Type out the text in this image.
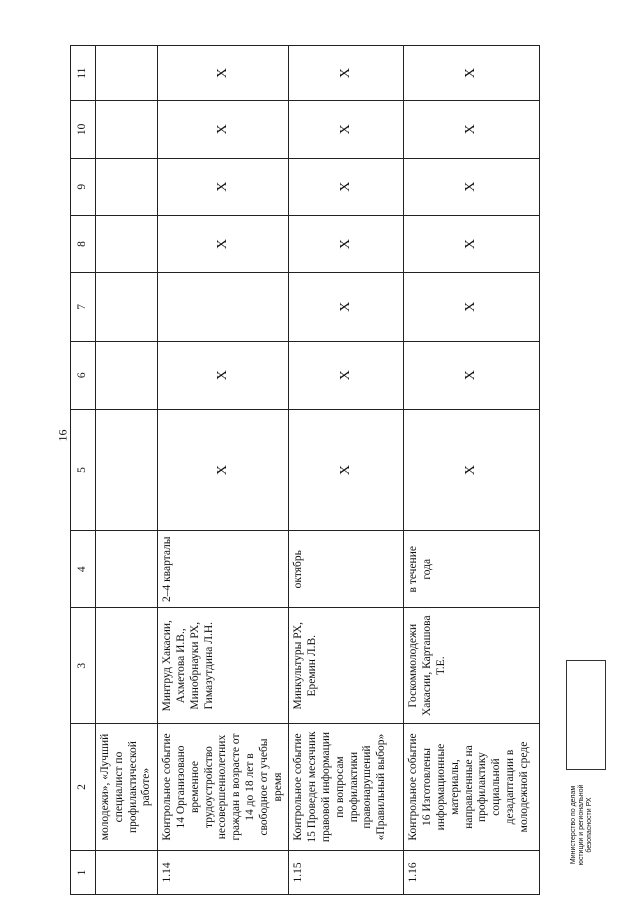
16
1	2	3	4	5	6	7	8	9	10	11
	молодежи», «Лучший специалист по профилактической работе»									
1.14	Контрольное событие 14 Организовано временное трудоустройство несовершеннолетних граждан в возрасте от 14 до 18 лет в свободное от учебы время	Минтруд Хакасии, Ахметова И.В., Минобрнауки РХ, Гимазутдина Л.Н.	2–4 кварталы	X	X		X	X	X	X
1.15	Контрольное событие 15 Проведен месячник правовой информации по вопросам профилактики правонарушений «Правильный выбор»	Минкультуры РХ, Еремин Л.В.	октябрь	X	X	X	X	X	X	X
1.16	Контрольное событие 16 Изготовлены информационные материалы, направленные на профилактику социальной дезадаптации в молодежной среде	Госкоммолодежи Хакасии, Карташова Т.Е.	в течение года	X	X	X	X	X	X	X
Министерство по делам юстиции и региональной безопасности РХ
